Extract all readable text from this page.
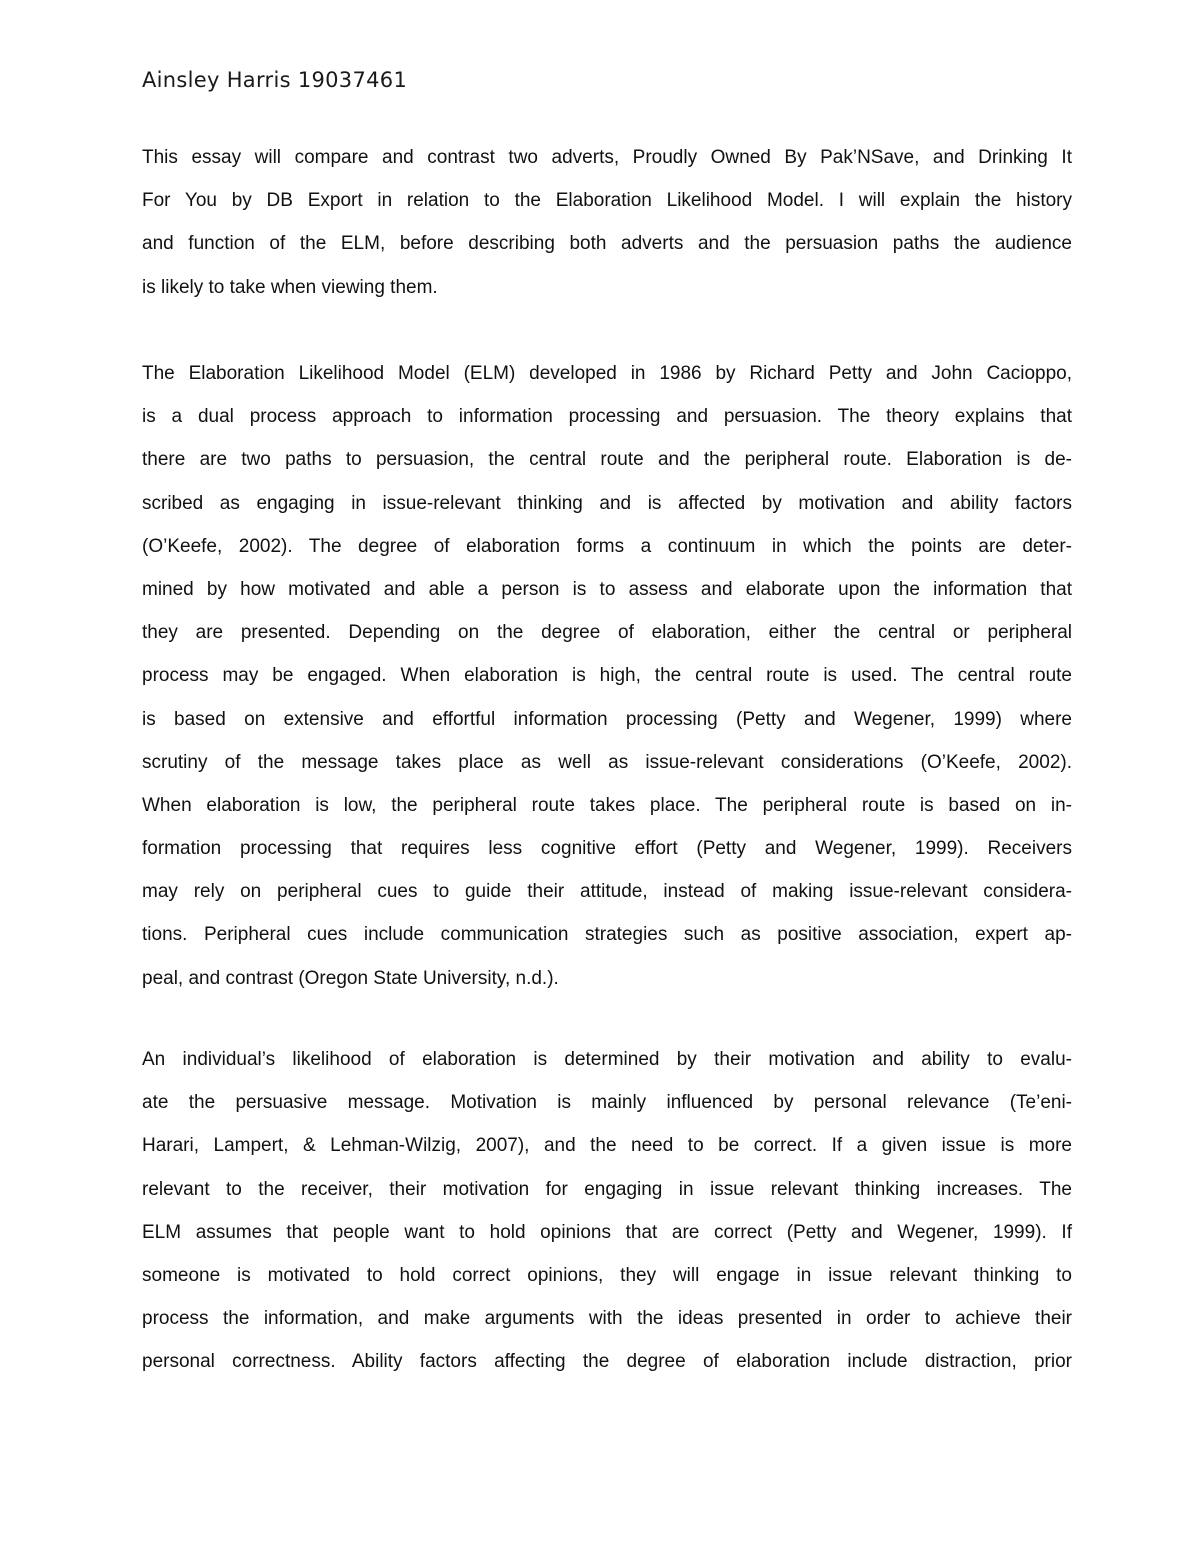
Ainsley Harris 19037461
This essay will compare and contrast two adverts, Proudly Owned By Pak’NSave, and Drinking It
For You by DB Export in relation to the Elaboration Likelihood Model. I will explain the history
and function of the ELM, before describing both adverts and the persuasion paths the audience
is likely to take when viewing them.
The Elaboration Likelihood Model (ELM) developed in 1986 by Richard Petty and John Cacioppo,
is a dual process approach to information processing and persuasion. The theory explains that
there are two paths to persuasion, the central route and the peripheral route. Elaboration is de-
scribed as engaging in issue-relevant thinking and is affected by motivation and ability factors
(O’Keefe, 2002). The degree of elaboration forms a continuum in which the points are deter-
mined by how motivated and able a person is to assess and elaborate upon the information that
they are presented. Depending on the degree of elaboration, either the central or peripheral
process may be engaged. When elaboration is high, the central route is used. The central route
is based on extensive and effortful information processing (Petty and Wegener, 1999) where
scrutiny of the message takes place as well as issue-relevant considerations (O’Keefe, 2002).
When elaboration is low, the peripheral route takes place. The peripheral route is based on in-
formation processing that requires less cognitive effort (Petty and Wegener, 1999). Receivers
may rely on peripheral cues to guide their attitude, instead of making issue-relevant considera-
tions. Peripheral cues include communication strategies such as positive association, expert ap-
peal, and contrast (Oregon State University, n.d.).
An individual’s likelihood of elaboration is determined by their motivation and ability to evalu-
ate the persuasive message. Motivation is mainly influenced by personal relevance (Te’eni-
Harari, Lampert, & Lehman-Wilzig, 2007), and the need to be correct. If a given issue is more
relevant to the receiver, their motivation for engaging in issue relevant thinking increases. The
ELM assumes that people want to hold opinions that are correct (Petty and Wegener, 1999). If
someone is motivated to hold correct opinions, they will engage in issue relevant thinking to
process the information, and make arguments with the ideas presented in order to achieve their
personal correctness. Ability factors affecting the degree of elaboration include distraction, prior
